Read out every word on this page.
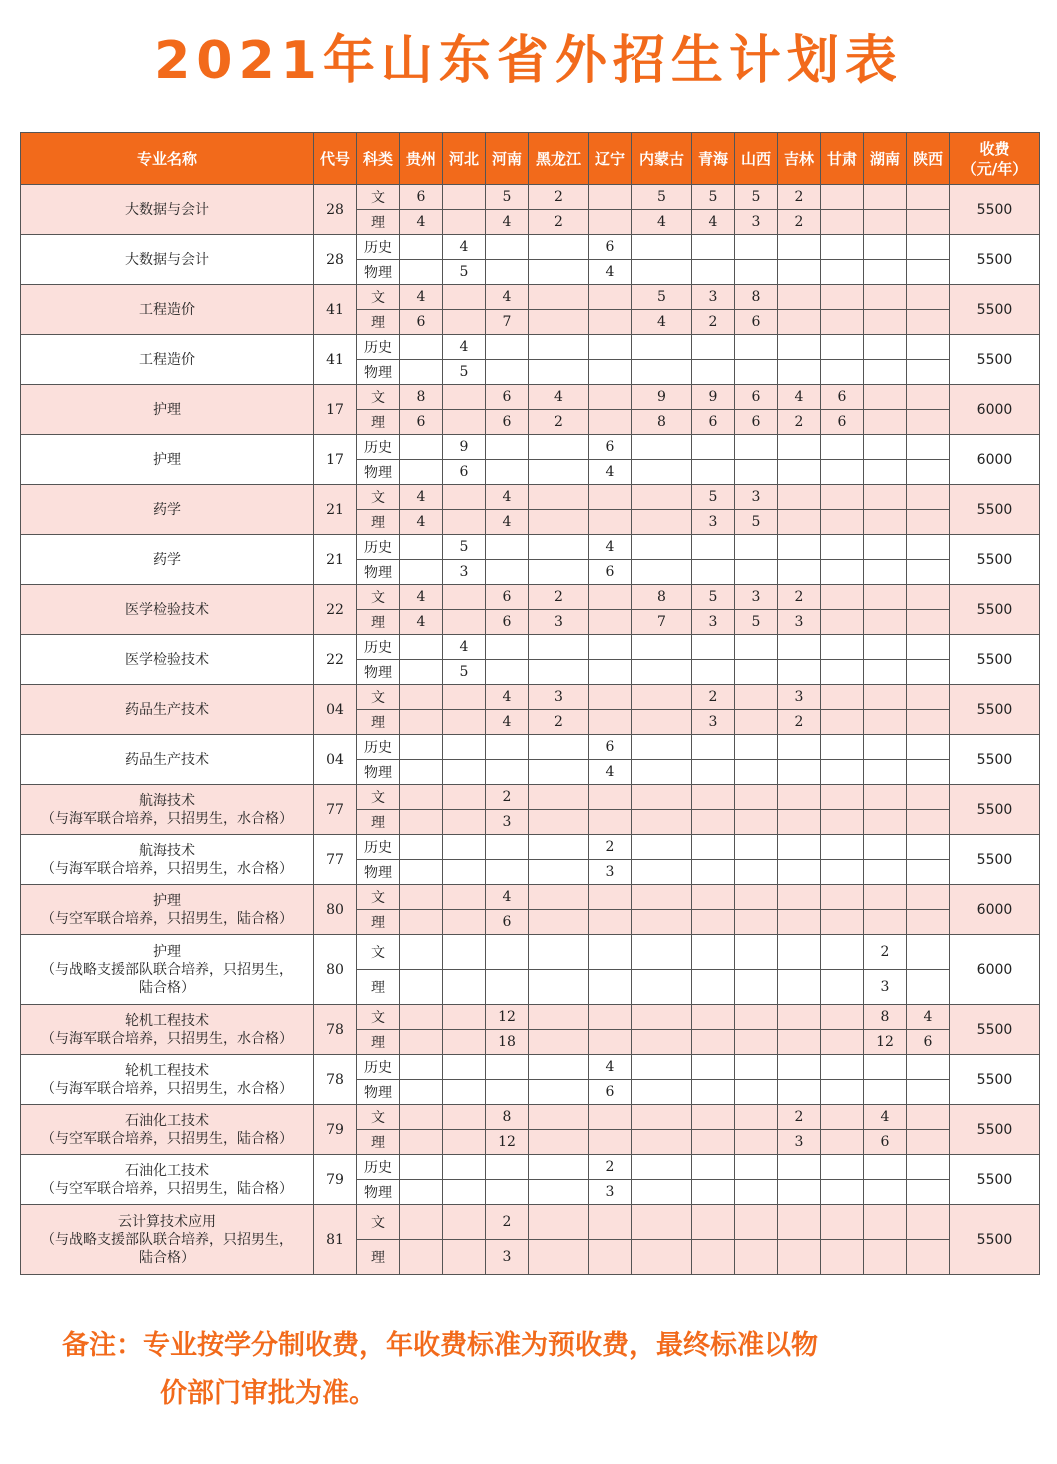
2021年山东省外招生计划表
专业名称	代号	科类	贵州	河北	河南	黑龙江	辽宁	内蒙古	青海	山西	吉林	甘肃	湖南	陕西	收费
（元/年）

大数据与会计	28	文	6		5	2		5	5	5	2				5500
		理	4		4	2		4	4	3	2				

大数据与会计	28	历史		4			6								5500
		物理		5			4								

工程造价	41	文	4		4			5	3	8					5500
		理	6		7			4	2	6					

工程造价	41	历史		4											5500
		物理		5											

护理	17	文	8		6	4		9	9	6	4	6			6000
		理	6		6	2		8	6	6	2	6			

护理	17	历史		9			6								6000
		物理		6			4								

药学	21	文	4		4				5	3					5500
		理	4		4				3	5					

药学	21	历史		5			4								5500
		物理		3			6								

医学检验技术	22	文	4		6	2		8	5	3	2				5500
		理	4		6	3		7	3	5	3				

医学检验技术	22	历史		4											5500
		物理		5											

药品生产技术	04	文			4	3			2		3				5500
		理			4	2			3		2				

药品生产技术	04	历史					6								5500
		物理					4								

航海技术
（与海军联合培养，只招男生，水合格）	77	文			2										5500
		理			3										

航海技术
（与海军联合培养，只招男生，水合格）	77	历史					2								5500
		物理					3								

护理
（与空军联合培养，只招男生，陆合格）	80	文			4										6000
		理			6										

护理
（与战略支援部队联合培养，只招男生，
陆合格）	80	文											2		6000
		理											3		

轮机工程技术
（与海军联合培养，只招男生，水合格）	78	文			12								8	4	5500
		理			18								12	6	

轮机工程技术
（与海军联合培养，只招男生，水合格）	78	历史					4								5500
		物理					6								

石油化工技术
（与空军联合培养，只招男生，陆合格）	79	文			8						2		4		5500
		理			12						3		6		

石油化工技术
（与空军联合培养，只招男生，陆合格）	79	历史					2								5500
		物理					3								

云计算技术应用
（与战略支援部队联合培养，只招男生，
陆合格）	81	文			2										5500
		理			3										
备注：专业按学分制收费，年收费标准为预收费，最终标准以物
价部门审批为准。
